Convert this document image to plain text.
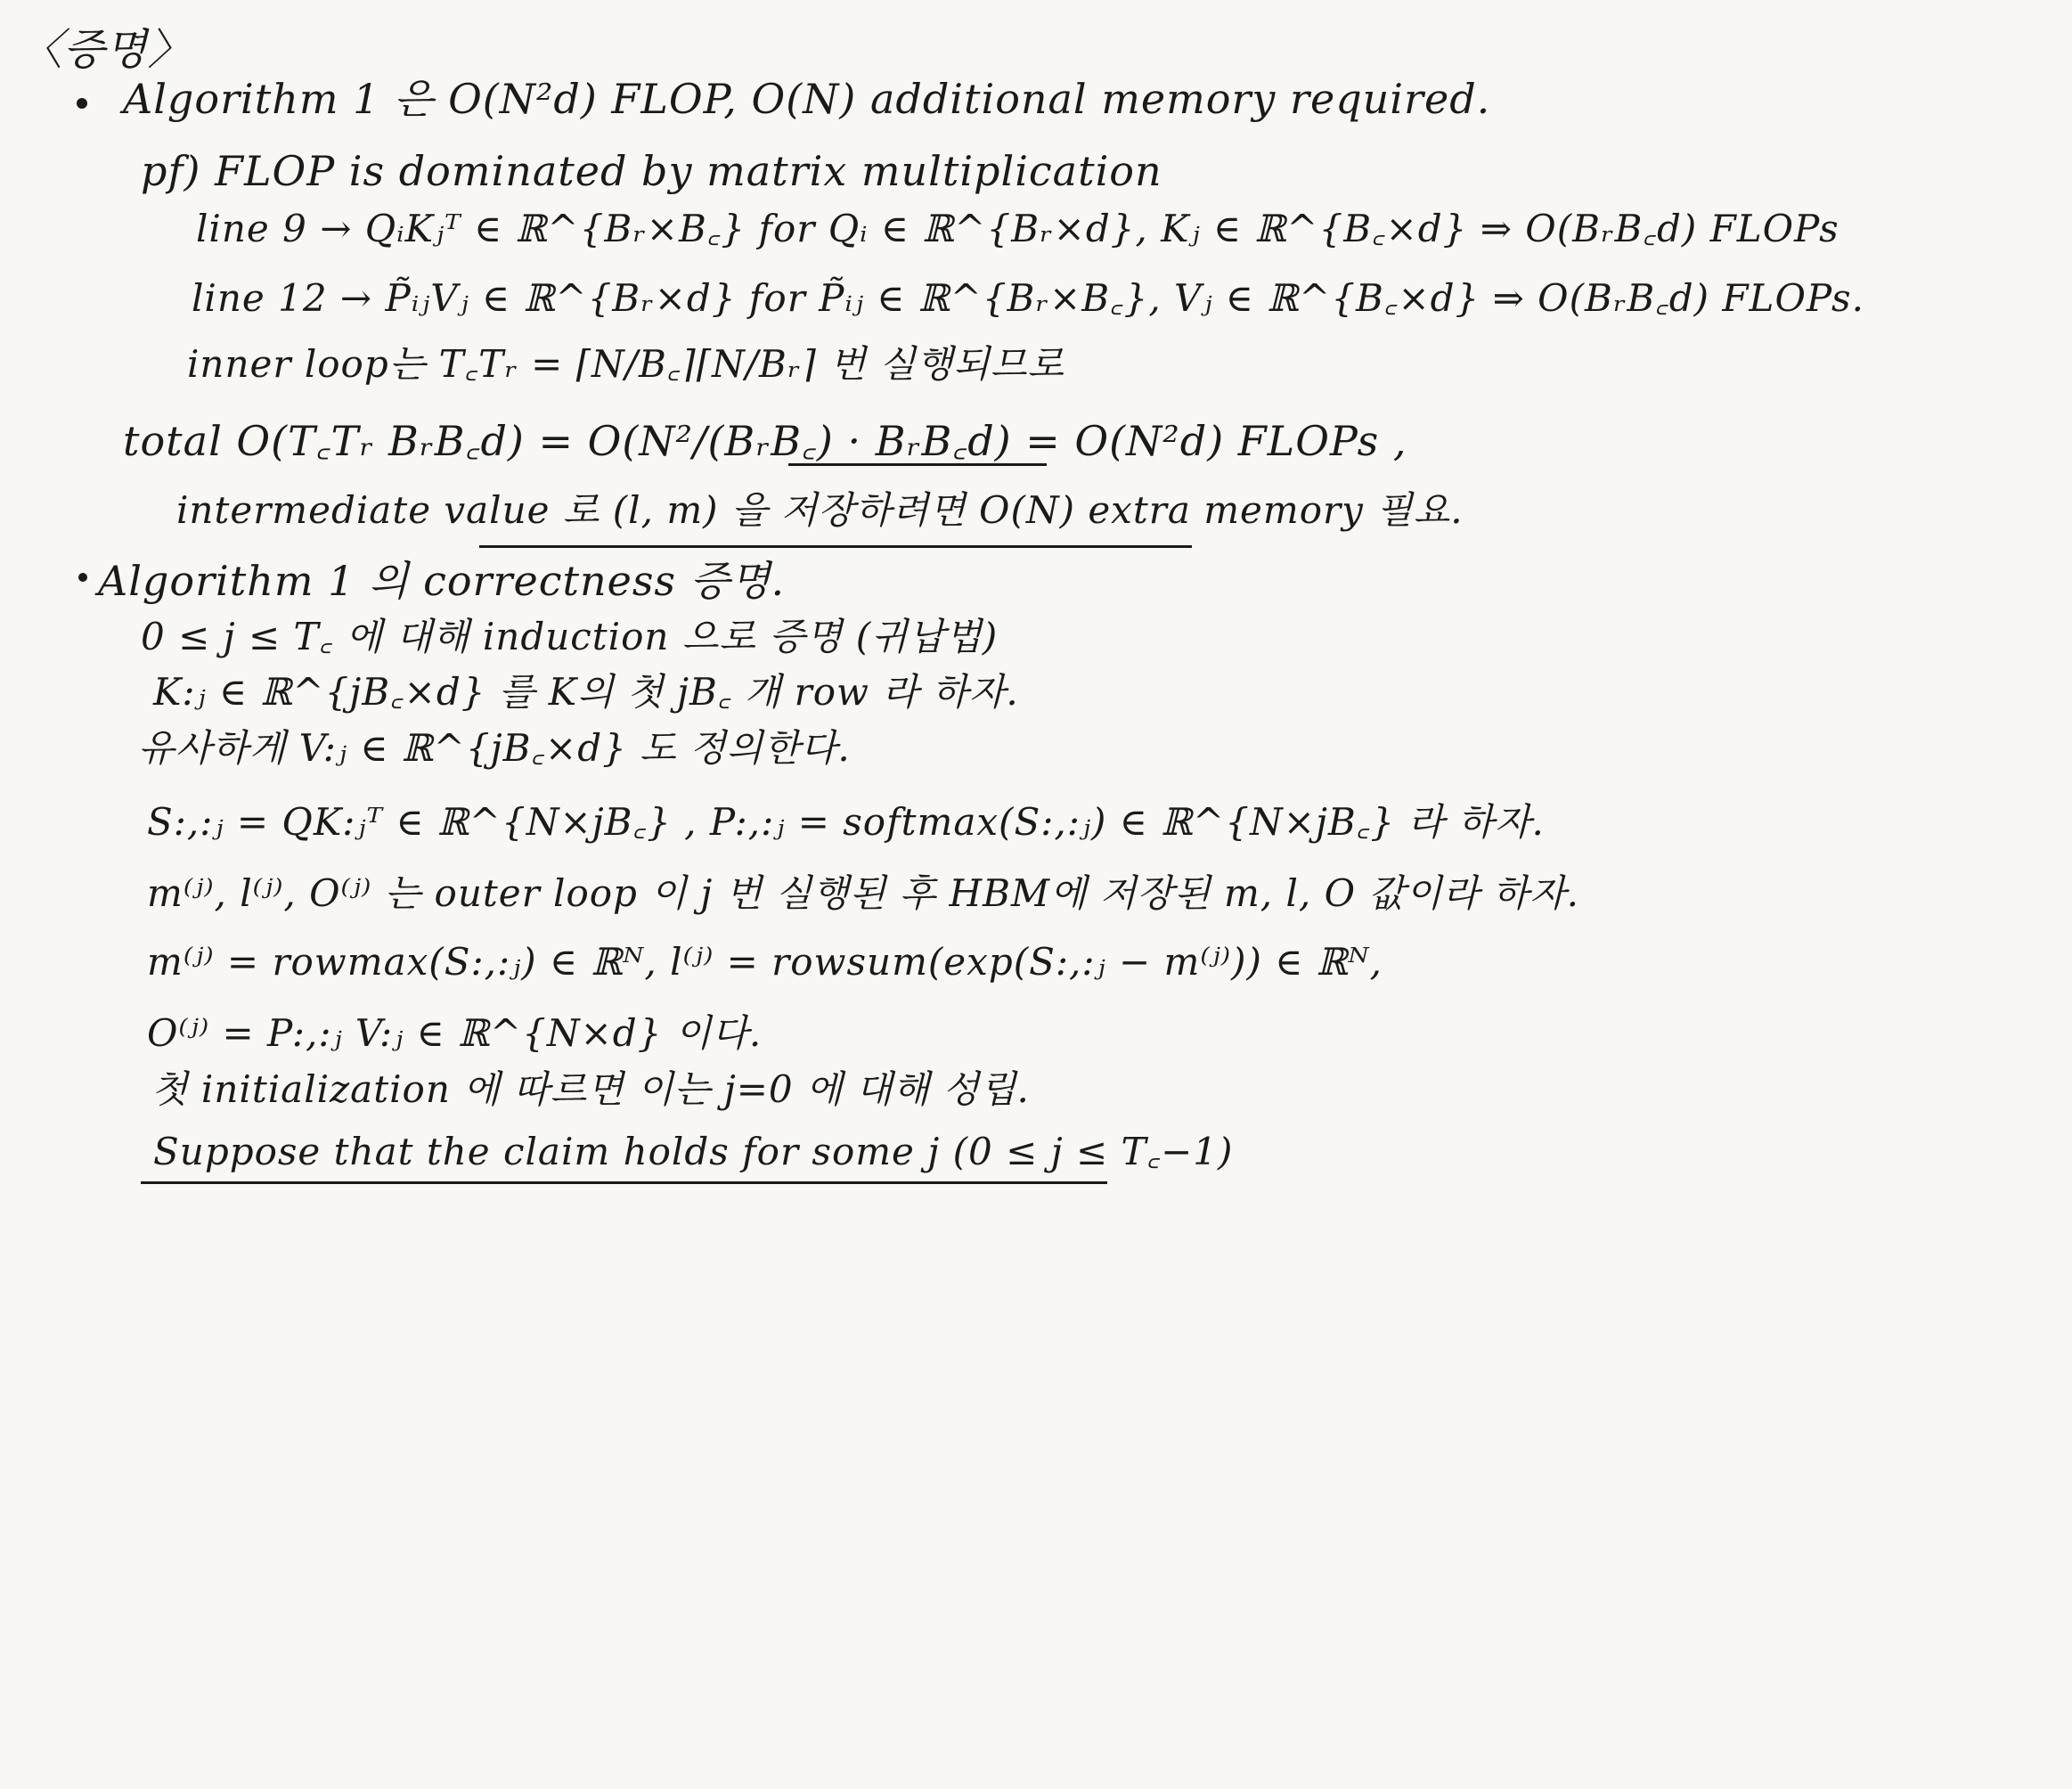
〈증명〉
Algorithm 1 은 O(N²d) FLOP, O(N) additional memory required.
pf) FLOP is dominated by matrix multiplication
line 9 → QᵢKⱼᵀ ∈ ℝ^{Bᵣ×B꜀} for Qᵢ ∈ ℝ^{Bᵣ×d}, Kⱼ ∈ ℝ^{B꜀×d} ⇒ O(BᵣB꜀d) FLOPs
line 12 → P̃ᵢⱼVⱼ ∈ ℝ^{Bᵣ×d} for P̃ᵢⱼ ∈ ℝ^{Bᵣ×B꜀}, Vⱼ ∈ ℝ^{B꜀×d} ⇒ O(BᵣB꜀d) FLOPs.
inner loop는 T꜀Tᵣ = ⌈N/B꜀⌉⌈N/Bᵣ⌉ 번 실행되므로
total O(T꜀Tᵣ BᵣB꜀d) = O(N²/(BᵣB꜀) · BᵣB꜀d) = O(N²d) FLOPs ,
intermediate value 로 (l, m) 을 저장하려면 O(N) extra memory 필요.
Algorithm 1 의 correctness 증명.
0 ≤ j ≤ T꜀ 에 대해 induction 으로 증명 (귀납법)
K:ⱼ ∈ ℝ^{jB꜀×d} 를 K의 첫 jB꜀ 개 row 라 하자.
유사하게 V:ⱼ ∈ ℝ^{jB꜀×d} 도 정의한다.
S:,:ⱼ = QK:ⱼᵀ ∈ ℝ^{N×jB꜀} , P:,:ⱼ = softmax(S:,:ⱼ) ∈ ℝ^{N×jB꜀} 라 하자.
m⁽ʲ⁾, l⁽ʲ⁾, O⁽ʲ⁾ 는 outer loop 이 j 번 실행된 후 HBM에 저장된 m, l, O 값이라 하자.
m⁽ʲ⁾ = rowmax(S:,:ⱼ) ∈ ℝᴺ, l⁽ʲ⁾ = rowsum(exp(S:,:ⱼ − m⁽ʲ⁾)) ∈ ℝᴺ,
O⁽ʲ⁾ = P:,:ⱼ V:ⱼ ∈ ℝ^{N×d} 이다.
첫 initialization 에 따르면 이는 j=0 에 대해 성립.
Suppose that the claim holds for some j (0 ≤ j ≤ T꜀−1)
